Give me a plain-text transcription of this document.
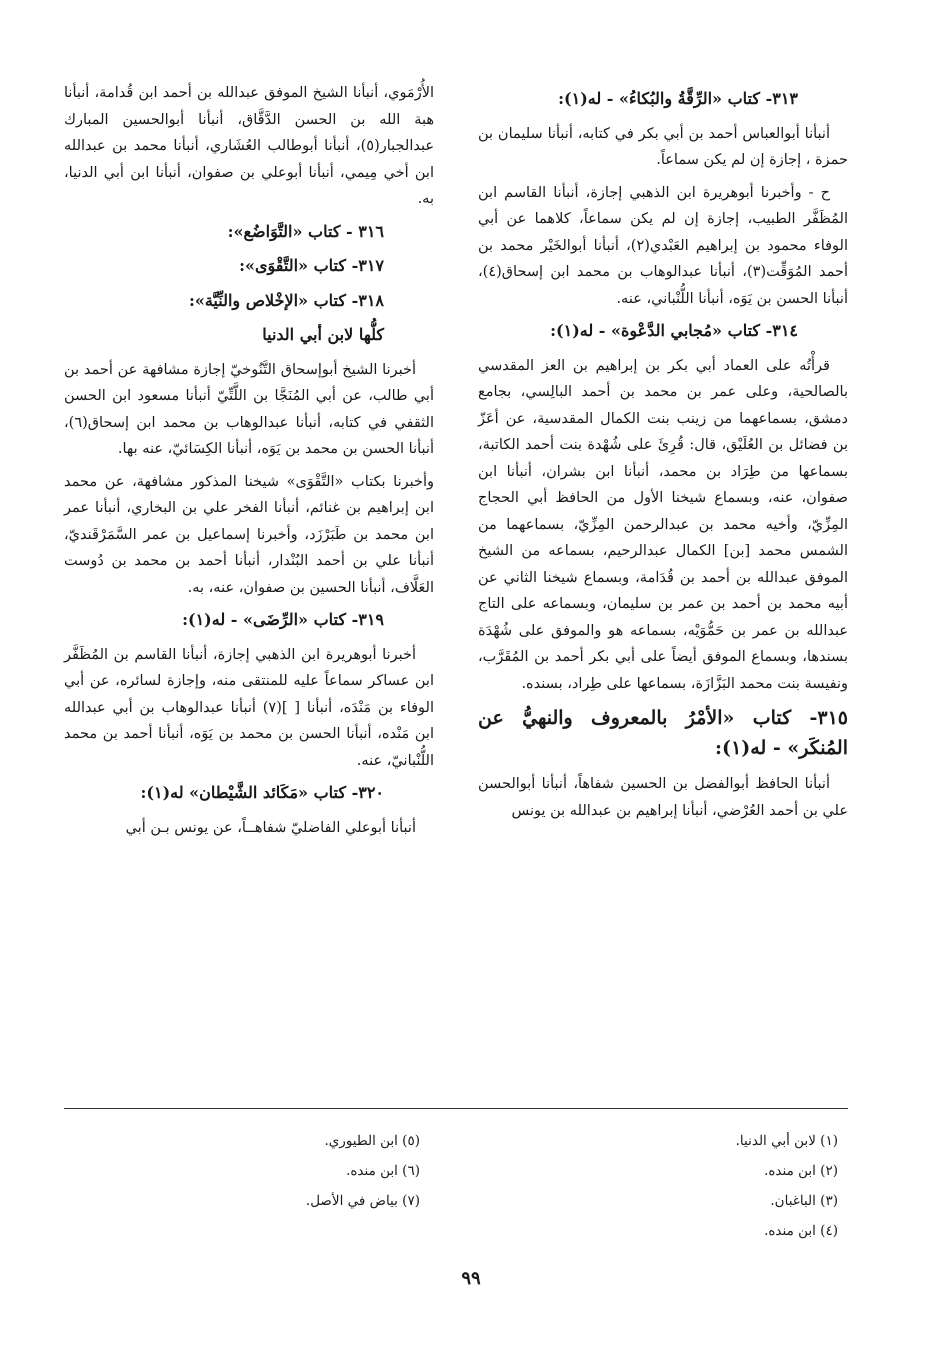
٣١٣- كتاب «الرِّقَّةُ والبُكاءُ» - له(١):

أنبأنا أبوالعباس أحمد بن أبي بكر في كتابه، أنبأنا سليمان بن حمزة ، إجازة إن لم يكن سماعاً.

ح - وأخبرنا أبوهريرة ابن الذهبي إجازة، أنبأنا القاسم ابن المُظَفَّر الطبيب، إجازة إن لم يكن سماعاً، كلاهما عن أبي الوفاء محمود بن إبراهيم العَبْدي(٢)، أنبأنا أبوالخَيْر محمد بن أحمد المُوَقِّت(٣)، أنبأنا عبدالوهاب بن محمد ابن إسحاق(٤)، أنبأنا الحسن بن يَوَه، أنبأنا اللُّنْباني، عنه.

٣١٤- كتاب «مُجابي الدَّعْوة» - له(١):

قرأْتُه على العماد أبي بكر بن إبراهيم بن العز المقدسي بالصالحية، وعلى عمر بن محمد بن أحمد البالِسي، بجامع دمشق، بسماعهما من زينب بنت الكمال المقدسية، عن أعَزّ بن فضائل بن العُلَيْق، قال: قُرِئَ على شُهْدة بنت أحمد الكاتبة، بسماعها من طِرَاد بن محمد، أنبأنا ابن بشران، أنبأنا ابن صفوان، عنه، وبسماع شيخنا الأول من الحافظ أبي الحجاج المِزِّيّ، وأخيه محمد بن عبدالرحمن المِزِّيّ، بسماعهما من الشمس محمد [بن] الكمال عبدالرحيم، بسماعه من الشيخ الموفق عبدالله بن أحمد بن قُدَامة، وبسماع شيخنا الثاني عن أبيه محمد بن أحمد بن عمر بن سليمان، وبسماعه على التاج عبدالله بن عمر بن حَمُّوَيْه، بسماعه هو والموفق على شُهْدَة بسندها، وبسماع الموفق أيضاً على أبي بكر أحمد بن المُقَرَّب، ونفيسة بنت محمد البَزَّازَة، بسماعها على طِراد، بسنده.

٣١٥- كتاب «الأمْرُ بالمعروف والنهيُّ عن المُنكَر» - له(١):

أنبأنا الحافظ أبوالفضل بن الحسين شفاهاً، أنبأنا أبوالحسن علي بن أحمد العُرْضي، أنبأنا إبراهيم بن عبدالله بن يونس

الأُرْمَوي، أنبأنا الشيخ الموفق عبدالله بن أحمد ابن قُدامة، أنبأنا هبة الله بن الحسن الدَّقَّاق، أنبأنا أبوالحسين المبارك عبدالجبار(٥)، أنبأنا أبوطالب العُشَاري، أنبأنا محمد بن عبدالله ابن أخي مِيمي، أنبأنا أبوعلي بن صفوان، أنبأنا ابن أبي الدنيا، به.

٣١٦ - كتاب «التَّوَاضُع»:
٣١٧- كتاب «التَّقْوَى»:
٣١٨- كتاب «الإخْلاص والنِّيَّة»:
كلُّها لابن أبي الدنيا

أخبرنا الشيخ أبوإسحاق التَّنُوخيّ إجازة مشافهة عن أحمد بن أبي طالب، عن أبي المُنَجَّا بن اللَّتِّيّ أنبأنا مسعود ابن الحسن الثقفي في كتابه، أنبأنا عبدالوهاب بن محمد ابن إسحاق(٦)، أنبأنا الحسن بن محمد بن يَوَه، أنبأنا الكِسَائيّ، عنه بها.

وأخبرنا بكتاب «التَّقْوَى» شيخنا المذكور مشافهة، عن محمد ابن إبراهيم بن غنائم، أنبأنا الفخر علي بن البخاري، أنبأنا عمر ابن محمد بن طَبَرْزَد، وأخبرنا إسماعيل بن عمر السَّمَرْقَنديّ، أنبأنا علي بن أحمد البُنْدار، أنبأنا أحمد بن محمد بن دُوست العَلَّاف، أنبأنا الحسين بن صفوان، عنه، به.

٣١٩- كتاب «الرِّضَى» - له(١):

أخبرنا أبوهريرة ابن الذهبي إجازة، أنبأنا القاسم بن المُظَفَّر ابن عساكر سماعاً عليه للمنتقى منه، وإجازة لسائره، عن أبي الوفاء بن مَنْدَه، أنبأنا [ ](٧) أنبأنا عبدالوهاب بن أبي عبدالله ابن مَنْده، أنبأنا الحسن بن محمد بن يَوَه، أنبأنا أحمد بن محمد اللُّنْبانيّ، عنه.

٣٢٠- كتاب «مَكَائد الشَّيْطان» له(١):

أنبأنا أبوعلي الفاضليّ شفاهــاً، عن يونس بـن أبي

(١) لابن أبي الدنيا.
(٢) ابن منده.
(٣) الباغبان.
(٤) ابن منده.
(٥) ابن الطيوري.
(٦) ابن منده.
(٧) بياض في الأصل.
٩٩
